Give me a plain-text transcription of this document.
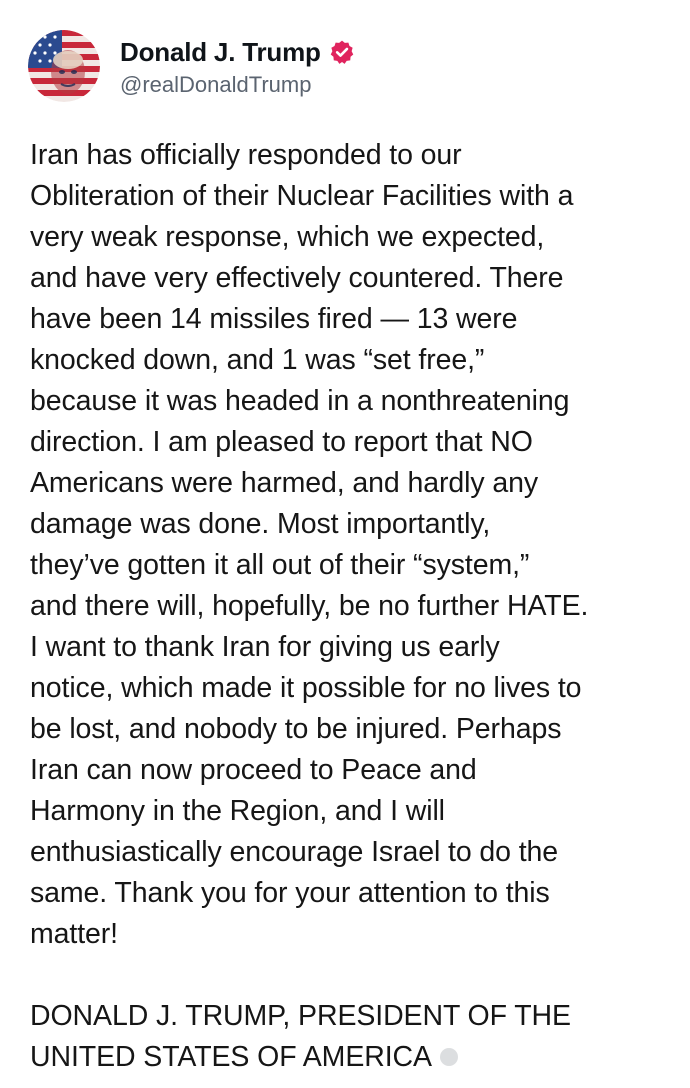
Donald J. Trump
@realDonaldTrump

Iran has officially responded to our

Obliteration of their Nuclear Facilities with a

very weak response, which we expected,

and have very effectively countered. There

have been 14 missiles fired — 13 were

knocked down, and 1 was “set free,”

because it was headed in a nonthreatening

direction. I am pleased to report that NO

Americans were harmed, and hardly any

damage was done. Most importantly,

they’ve gotten it all out of their “system,”

and there will, hopefully, be no further HATE.

I want to thank Iran for giving us early

notice, which made it possible for no lives to

be lost, and nobody to be injured. Perhaps

Iran can now proceed to Peace and

Harmony in the Region, and I will

enthusiastically encourage Israel to do the

same. Thank you for your attention to this

matter!

DONALD J. TRUMP, PRESIDENT OF THE

UNITED STATES OF AMERICA
